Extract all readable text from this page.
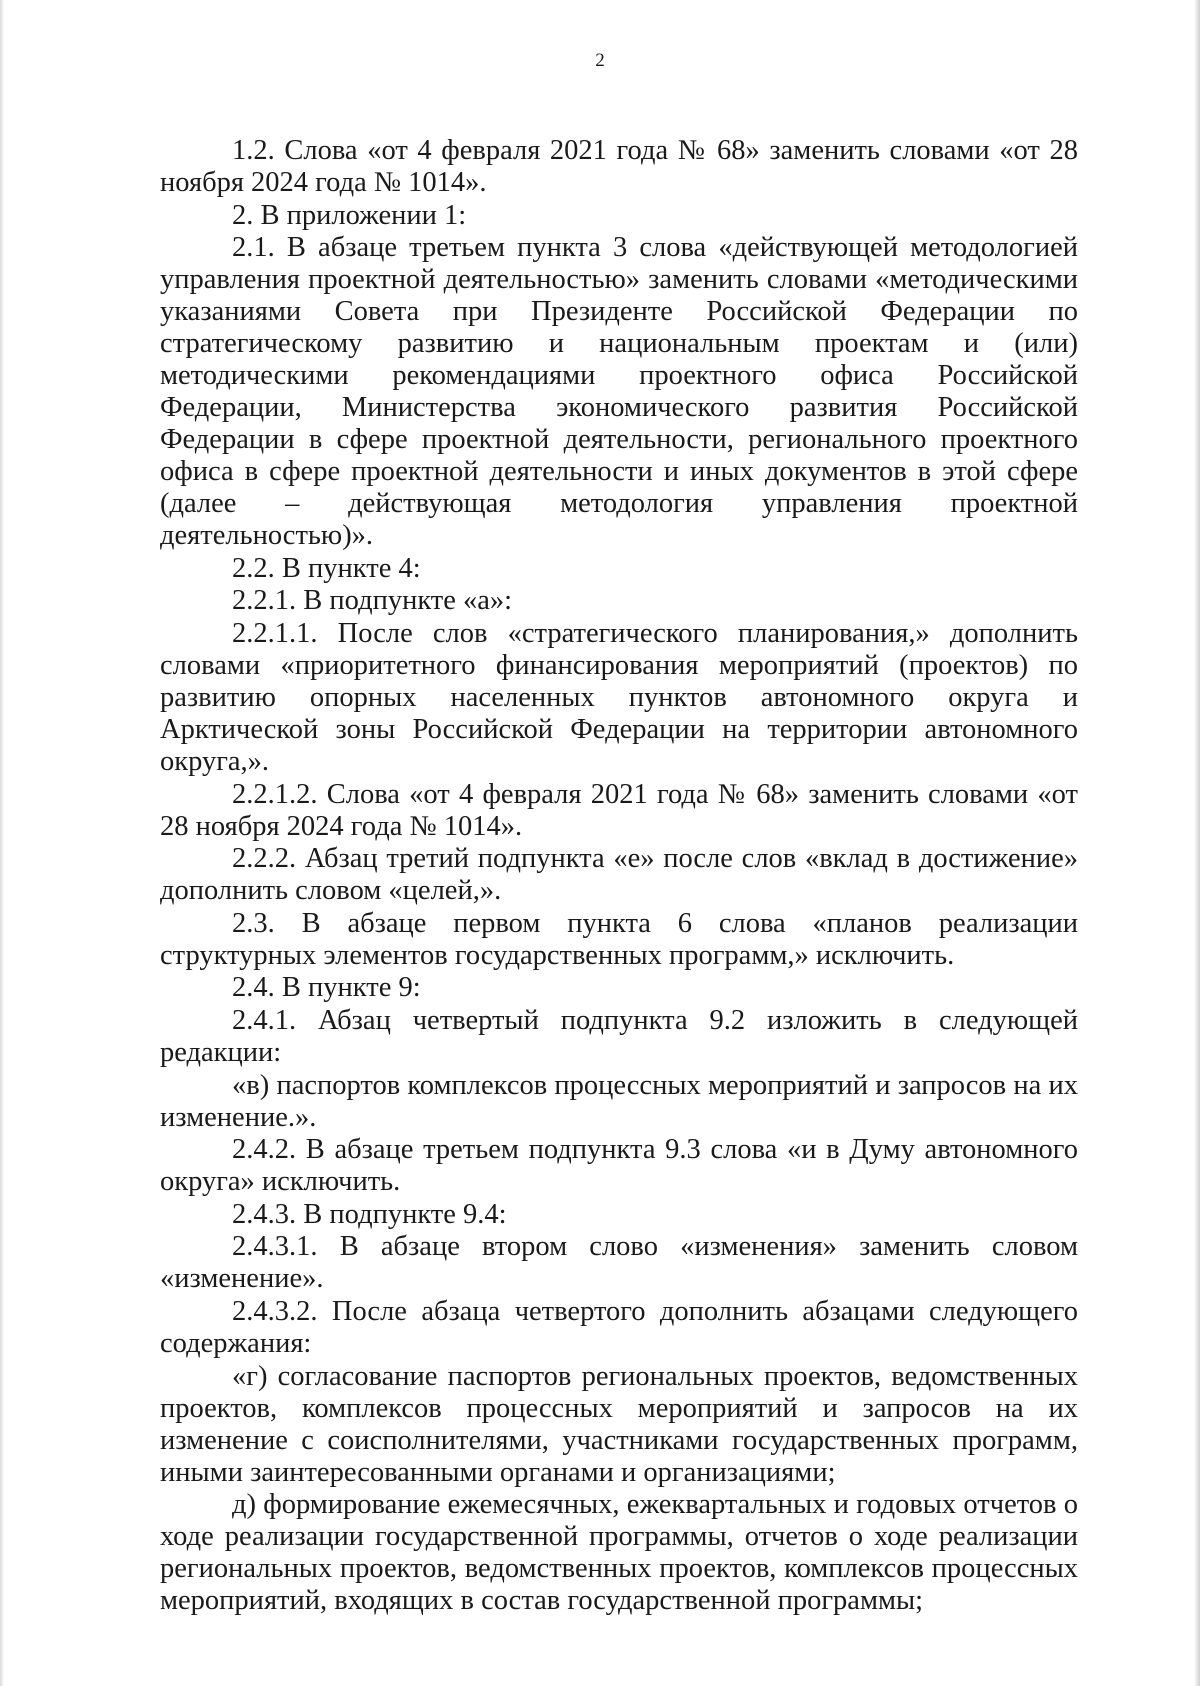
2

1.2. Слова «от 4 февраля 2021 года № 68» заменить словами «от 28 ноября 2024 года № 1014».

2. В приложении 1:

2.1. В абзаце третьем пункта 3 слова «действующей методологией управления проектной деятельностью» заменить словами «методическими указаниями Совета при Президенте Российской Федерации по стратегическому развитию и национальным проектам и (или) методическими рекомендациями проектного офиса Российской Федерации, Министерства экономического развития Российской Федерации в сфере проектной деятельности, регионального проектного офиса в сфере проектной деятельности и иных документов в этой сфере (далее – действующая методология управления проектной деятельностью)».

2.2. В пункте 4:

2.2.1. В подпункте «а»:

2.2.1.1. После слов «стратегического планирования,» дополнить словами «приоритетного финансирования мероприятий (проектов) по развитию опорных населенных пунктов автономного округа и Арктической зоны Российской Федерации на территории автономного округа,».

2.2.1.2. Слова «от 4 февраля 2021 года № 68» заменить словами «от 28 ноября 2024 года № 1014».

2.2.2. Абзац третий подпункта «е» после слов «вклад в достижение» дополнить словом «целей,».

2.3. В абзаце первом пункта 6 слова «планов реализации структурных элементов государственных программ,» исключить.

2.4. В пункте 9:

2.4.1. Абзац четвертый подпункта 9.2 изложить в следующей редакции:

«в) паспортов комплексов процессных мероприятий и запросов на их изменение.».

2.4.2. В абзаце третьем подпункта 9.3 слова «и в Думу автономного округа» исключить.

2.4.3. В подпункте 9.4:

2.4.3.1. В абзаце втором слово «изменения» заменить словом «изменение».

2.4.3.2. После абзаца четвертого дополнить абзацами следующего содержания:

«г) согласование паспортов региональных проектов, ведомственных проектов, комплексов процессных мероприятий и запросов на их изменение с соисполнителями, участниками государственных программ, иными заинтересованными органами и организациями;

д) формирование ежемесячных, ежеквартальных и годовых отчетов о ходе реализации государственной программы, отчетов о ходе реализации региональных проектов, ведомственных проектов, комплексов процессных мероприятий, входящих в состав государственной программы;
